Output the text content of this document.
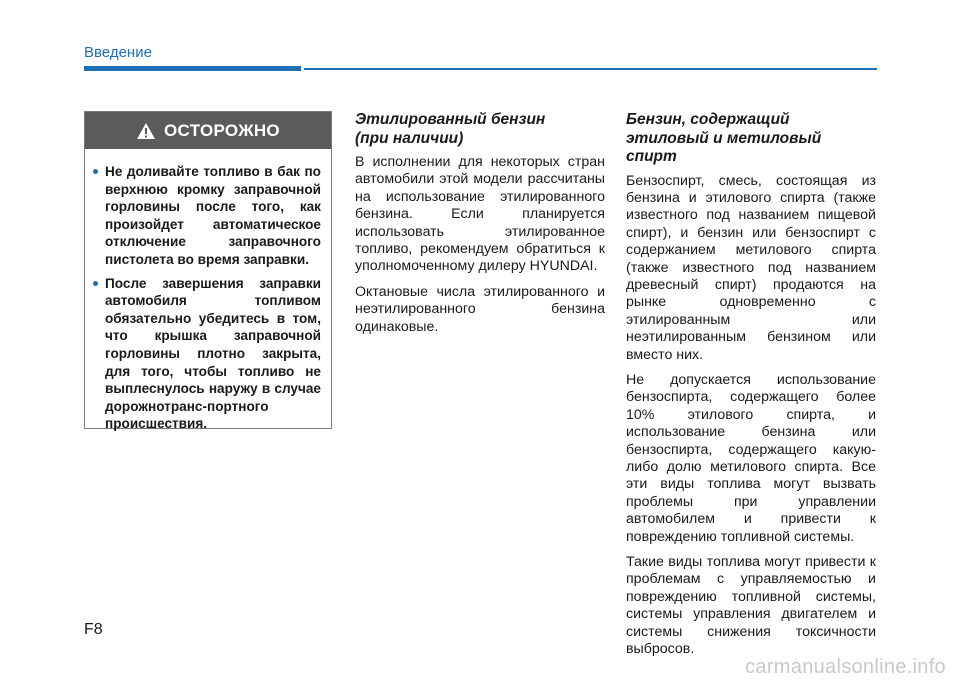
Введение
ОСТОРОЖНО
Не доливайте топливо в бак по верхнюю кромку заправочной горловины после того, как произойдет автоматическое отключение заправочного пистолета во время заправки.
После завершения заправки автомобиля топливом обязательно убедитесь в том, что крышка заправочной горловины плотно закрыта, для того, чтобы топливо не выплеснулось наружу в случае дорожнотранс-портного происшествия.
Этилированный бензин
(при наличии)

В исполнении для некоторых стран автомобили этой модели рассчитаны на использование этилированного бензина. Если планируется использовать этилированное топливо, рекомендуем обратиться к уполномоченному дилеру HYUNDAI.

Октановые числа этилированного и неэтилированного бензина одинаковые.

Бензин, содержащий
этиловый и метиловый
спирт

Бензоспирт, смесь, состоящая из бензина и этилового спирта (также известного под названием пищевой спирт), и бензин или бензоспирт с содержанием метилового спирта (также известного под названием древесный спирт) продаются на рынке одновременно с этилированным или неэтилированным бензином или вместо них.

Не допускается использование бензоспирта, содержащего более 10% этилового спирта, и использование бензина или бензоспирта, содержащего какую-либо долю метилового спирта. Все эти виды топлива могут вызвать проблемы при управлении автомобилем и привести к повреждению топливной системы.

Такие виды топлива могут привести к проблемам с управляемостью и повреждению топливной системы, системы управления двигателем и системы снижения токсичности выбросов.

F8
carmanualsonline.info
